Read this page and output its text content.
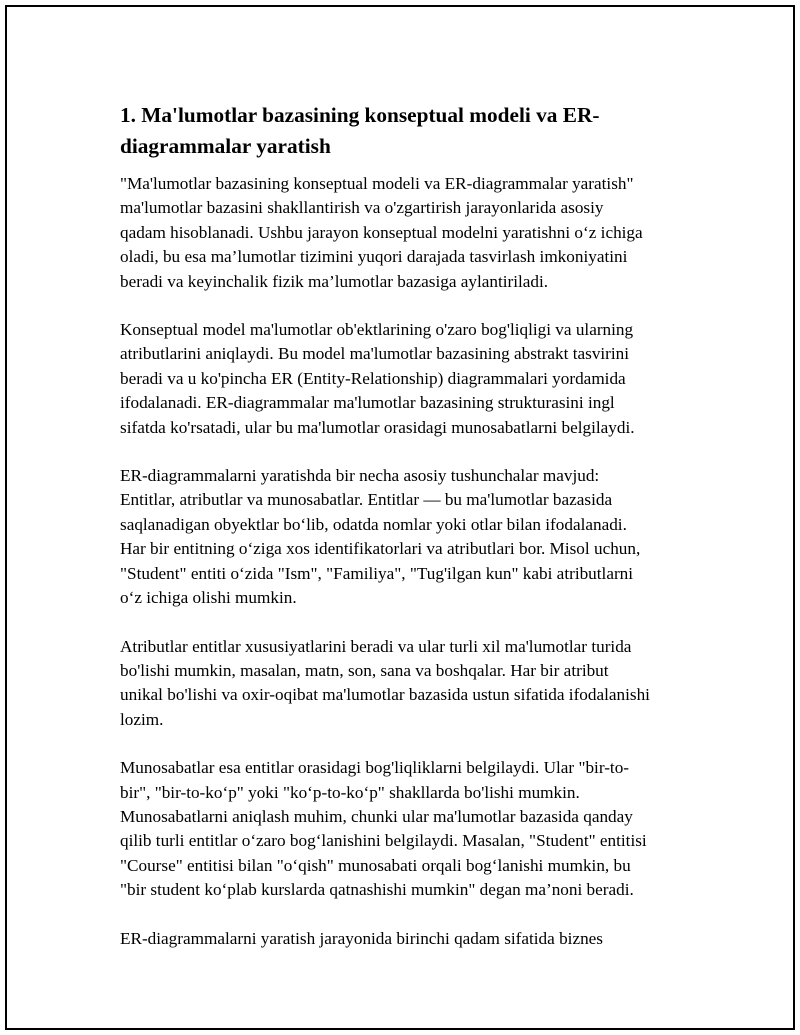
1. Ma'lumotlar bazasining konseptual modeli va ER-
diagrammalar yaratish

"Ma'lumotlar bazasining konseptual modeli va ER-diagrammalar yaratish"
ma'lumotlar bazasini shakllantirish va o'zgartirish jarayonlarida asosiy
qadam hisoblanadi. Ushbu jarayon konseptual modelni yaratishni o‘z ichiga
oladi, bu esa ma’lumotlar tizimini yuqori darajada tasvirlash imkoniyatini
beradi va keyinchalik fizik ma’lumotlar bazasiga aylantiriladi.

Konseptual model ma'lumotlar ob'ektlarining o'zaro bog'liqligi va ularning
atributlarini aniqlaydi. Bu model ma'lumotlar bazasining abstrakt tasvirini
beradi va u ko'pincha ER (Entity-Relationship) diagrammalari yordamida
ifodalanadi. ER-diagrammalar ma'lumotlar bazasining strukturasini ingl
sifatda ko'rsatadi, ular bu ma'lumotlar orasidagi munosabatlarni belgilaydi.

ER-diagrammalarni yaratishda bir necha asosiy tushunchalar mavjud:
Entitlar, atributlar va munosabatlar. Entitlar — bu ma'lumotlar bazasida
saqlanadigan obyektlar bo‘lib, odatda nomlar yoki otlar bilan ifodalanadi.
Har bir entitning o‘ziga xos identifikatorlari va atributlari bor. Misol uchun,
"Student" entiti o‘zida "Ism", "Familiya", "Tug'ilgan kun" kabi atributlarni
o‘z ichiga olishi mumkin.

Atributlar entitlar xususiyatlarini beradi va ular turli xil ma'lumotlar turida
bo'lishi mumkin, masalan, matn, son, sana va boshqalar. Har bir atribut
unikal bo'lishi va oxir-oqibat ma'lumotlar bazasida ustun sifatida ifodalanishi
lozim.

Munosabatlar esa entitlar orasidagi bog'liqliklarni belgilaydi. Ular "bir-to-
bir", "bir-to-ko‘p" yoki "ko‘p-to-ko‘p" shakllarda bo'lishi mumkin.
Munosabatlarni aniqlash muhim, chunki ular ma'lumotlar bazasida qanday
qilib turli entitlar o‘zaro bog‘lanishini belgilaydi. Masalan, "Student" entitisi
"Course" entitisi bilan "o‘qish" munosabati orqali bog‘lanishi mumkin, bu
"bir student ko‘plab kurslarda qatnashishi mumkin" degan ma’noni beradi.

ER-diagrammalarni yaratish jarayonida birinchi qadam sifatida biznes
